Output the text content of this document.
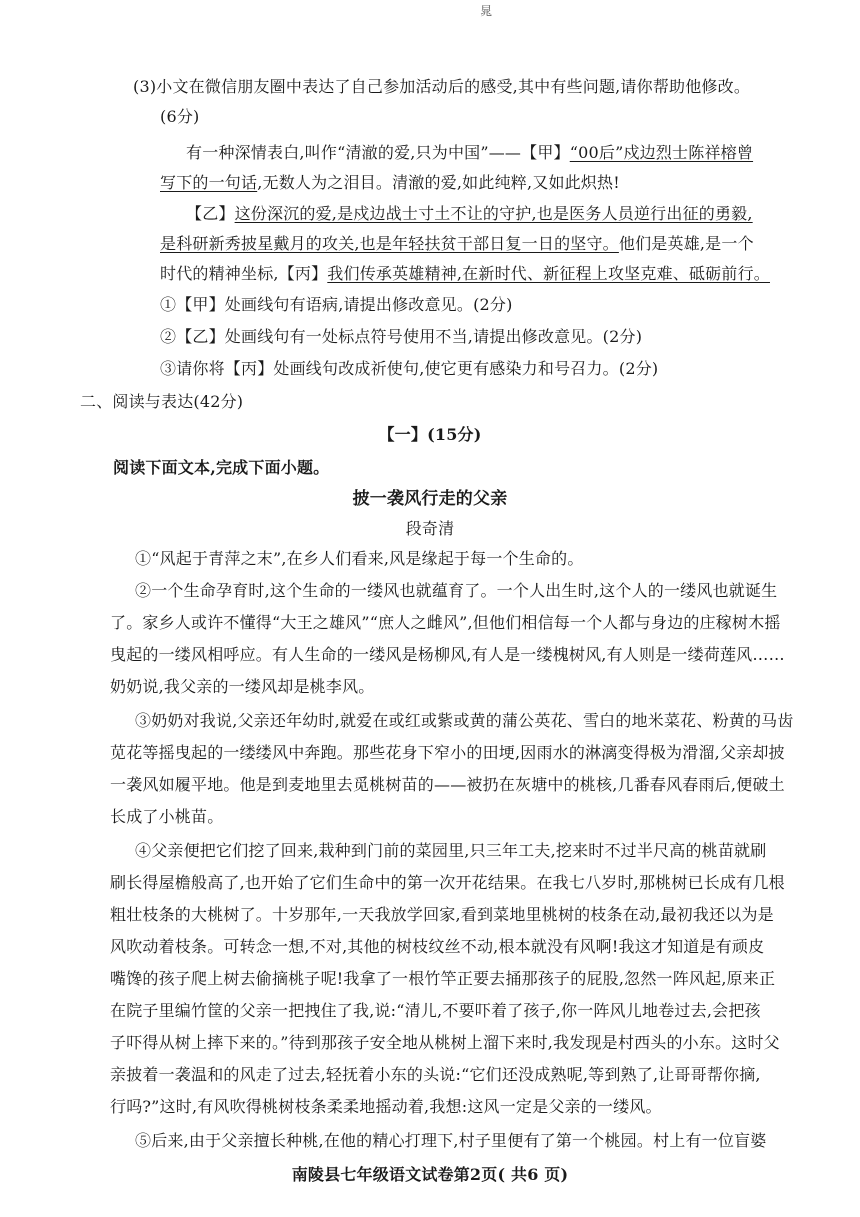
晁
(3)小文在微信朋友圈中表达了自己参加活动后的感受,其中有些问题,请你帮助他修改。
(6分)
有一种深情表白,叫作“清澈的爱,只为中国”——【甲】“00后”戍边烈士陈祥榕曾
写下的一句话,无数人为之泪目。清澈的爱,如此纯粹,又如此炽热!
【乙】这份深沉的爱,是戍边战士寸土不让的守护,也是医务人员逆行出征的勇毅,
是科研新秀披星戴月的攻关,也是年轻扶贫干部日复一日的坚守。他们是英雄,是一个
时代的精神坐标,【丙】我们传承英雄精神,在新时代、新征程上攻坚克难、砥砺前行。
①【甲】处画线句有语病,请提出修改意见。(2分)
②【乙】处画线句有一处标点符号使用不当,请提出修改意见。(2分)
③请你将【丙】处画线句改成祈使句,使它更有感染力和号召力。(2分)
二、阅读与表达(42分)
【一】(15分)
阅读下面文本,完成下面小题。
披一袭风行走的父亲
段奇清
①“风起于青萍之末”,在乡人们看来,风是缘起于每一个生命的。
②一个生命孕育时,这个生命的一缕风也就蕴育了。一个人出生时,这个人的一缕风也就诞生
了。家乡人或许不懂得“大王之雄风”“庶人之雌风”,但他们相信每一个人都与身边的庄稼树木摇
曳起的一缕风相呼应。有人生命的一缕风是杨柳风,有人是一缕槐树风,有人则是一缕荷莲风……
奶奶说,我父亲的一缕风却是桃李风。
③奶奶对我说,父亲还年幼时,就爱在或红或紫或黄的蒲公英花、雪白的地米菜花、粉黄的马齿
苋花等摇曳起的一缕缕风中奔跑。那些花身下窄小的田埂,因雨水的淋漓变得极为滑溜,父亲却披
一袭风如履平地。他是到麦地里去觅桃树苗的——被扔在灰塘中的桃核,几番春风春雨后,便破土
长成了小桃苗。
④父亲便把它们挖了回来,栽种到门前的菜园里,只三年工夫,挖来时不过半尺高的桃苗就刷
刷长得屋檐般高了,也开始了它们生命中的第一次开花结果。在我七八岁时,那桃树已长成有几根
粗壮枝条的大桃树了。十岁那年,一天我放学回家,看到菜地里桃树的枝条在动,最初我还以为是
风吹动着枝条。可转念一想,不对,其他的树枝纹丝不动,根本就没有风啊!我这才知道是有顽皮
嘴馋的孩子爬上树去偷摘桃子呢!我拿了一根竹竿正要去捅那孩子的屁股,忽然一阵风起,原来正
在院子里编竹筐的父亲一把拽住了我,说:“清儿,不要吓着了孩子,你一阵风儿地卷过去,会把孩
子吓得从树上摔下来的。”待到那孩子安全地从桃树上溜下来时,我发现是村西头的小东。这时父
亲披着一袭温和的风走了过去,轻抚着小东的头说:“它们还没成熟呢,等到熟了,让哥哥帮你摘,
行吗?”这时,有风吹得桃树枝条柔柔地摇动着,我想:这风一定是父亲的一缕风。
⑤后来,由于父亲擅长种桃,在他的精心打理下,村子里便有了第一个桃园。村上有一位盲婆
南陵县七年级语文试卷第2页( 共6 页)
